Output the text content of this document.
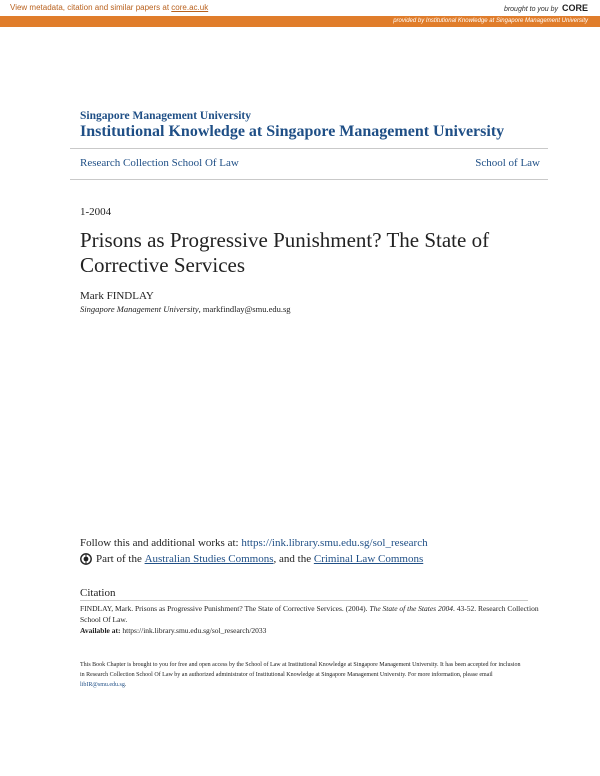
View metadata, citation and similar papers at core.ac.uk	brought to you by CORE
provided by Institutional Knowledge at Singapore Management University
Singapore Management University
Institutional Knowledge at Singapore Management University
Research Collection School Of Law	School of Law
1-2004
Prisons as Progressive Punishment? The State of Corrective Services
Mark FINDLAY
Singapore Management University, markfindlay@smu.edu.sg
Follow this and additional works at: https://ink.library.smu.edu.sg/sol_research
Part of the
Australian Studies Commons , and the
Criminal Law Commons
Citation
FINDLAY, Mark. Prisons as Progressive Punishment? The State of Corrective Services. (2004). The State of the States 2004. 43-52. Research Collection School Of Law.
Available at: https://ink.library.smu.edu.sg/sol_research/2033
This Book Chapter is brought to you for free and open access by the School of Law at Institutional Knowledge at Singapore Management University. It has been accepted for inclusion in Research Collection School Of Law by an authorized administrator of Institutional Knowledge at Singapore Management University. For more information, please email libIR@smu.edu.sg.
